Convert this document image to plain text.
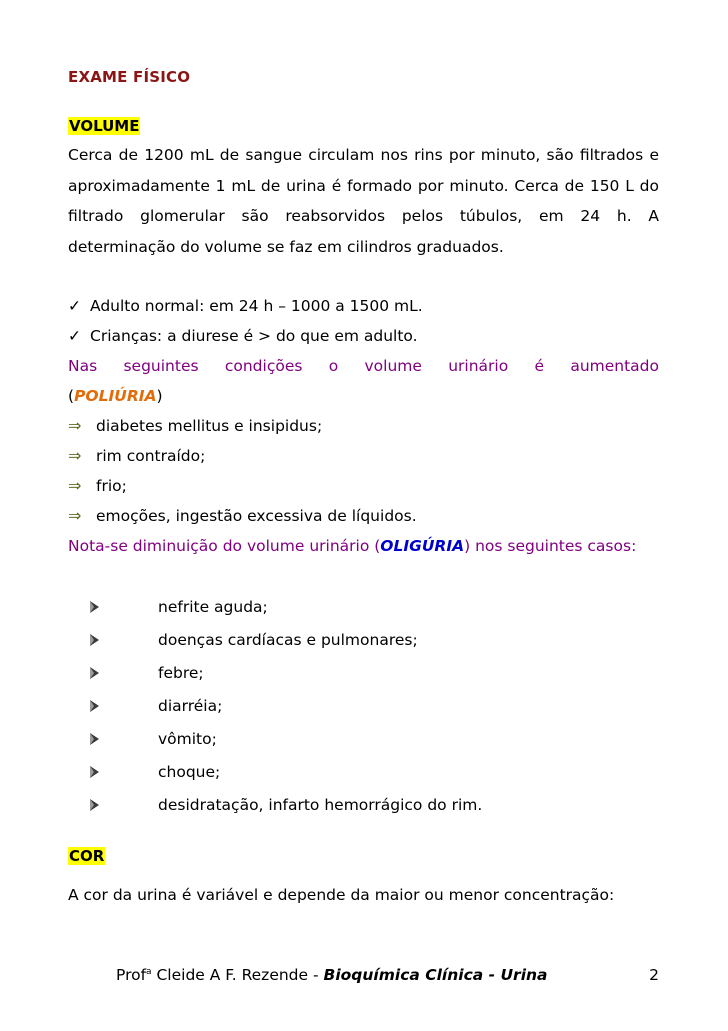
EXAME FÍSICO
VOLUME
Cerca de 1200 mL de sangue circulam nos rins por minuto, são filtrados e aproximadamente 1 mL de urina é formado por minuto. Cerca de 150 L do filtrado glomerular são reabsorvidos pelos túbulos, em 24 h. A determinação do volume se faz em cilindros graduados.
✓ Adulto normal: em 24 h – 1000 a 1500 mL.
✓ Crianças: a diurese é > do que em adulto.
Nas seguintes condições o volume urinário é aumentado
(POLIÚRIA)
⇒ diabetes mellitus e insipidus;
⇒ rim contraído;
⇒ frio;
⇒ emoções, ingestão excessiva de líquidos.
Nota-se diminuição do volume urinário (OLIGÚRIA) nos seguintes casos:
nefrite aguda;
doenças cardíacas e pulmonares;
febre;
diarréia;
vômito;
choque;
desidratação, infarto hemorrágico do rim.
COR
A cor da urina é variável e depende da maior ou menor concentração:
Prof$^a$ Cleide A F. Rezende - Bioquímica Clínica - Urina	2
